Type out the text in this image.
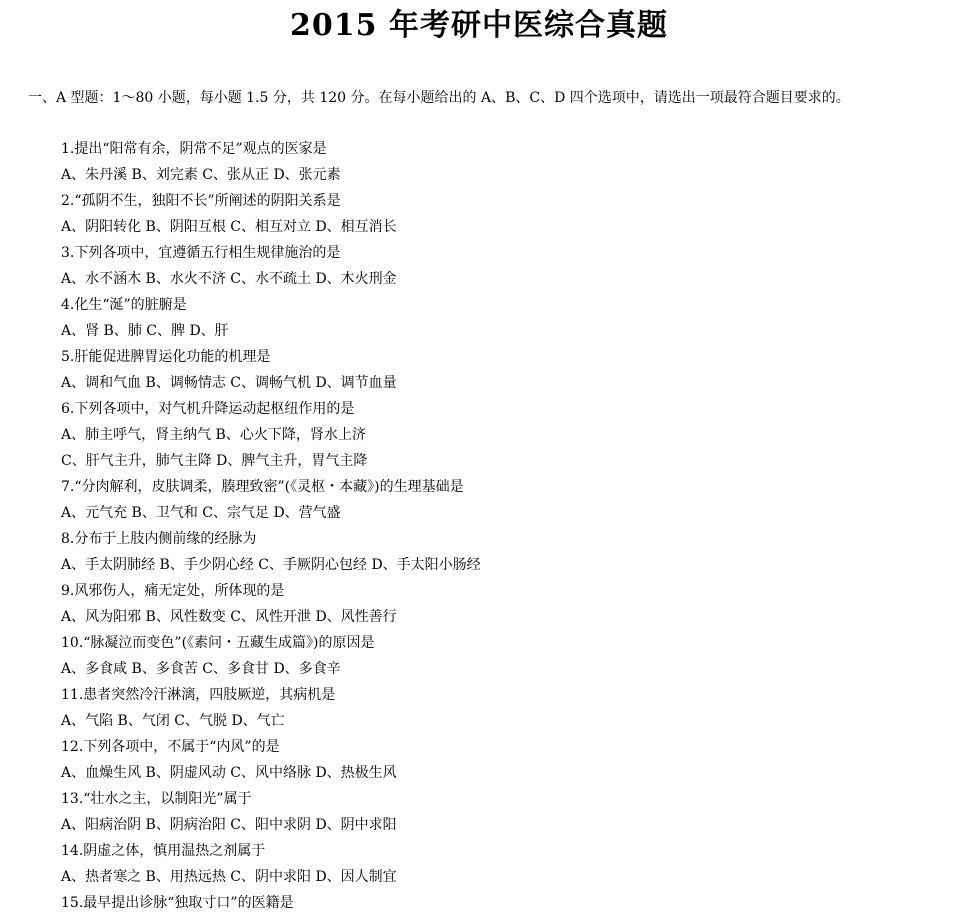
2015 年考研中医综合真题
一、A 型题：1～80 小题，每小题 1.5 分，共 120 分。在每小题给出的 A、B、C、D 四个选项中，请选出一项最符合题目要求的。
1.提出“阳常有余，阴常不足”观点的医家是
A、朱丹溪 B、刘完素 C、张从正 D、张元素
2.“孤阴不生，独阳不长”所阐述的阴阳关系是
A、阴阳转化 B、阴阳互根 C、相互对立 D、相互消长
3.下列各项中，宜遵循五行相生规律施治的是
A、水不涵木 B、水火不济 C、水不疏土 D、木火刑金
4.化生“涎”的脏腑是
A、肾 B、肺 C、脾 D、肝
5.肝能促进脾胃运化功能的机理是
A、调和气血 B、调畅情志 C、调畅气机 D、调节血量
6.下列各项中，对气机升降运动起枢纽作用的是
A、肺主呼气，肾主纳气 B、心火下降，肾水上济
C、肝气主升，肺气主降 D、脾气主升，胃气主降
7.“分肉解利，皮肤调柔，腠理致密”(《灵枢・本藏》)的生理基础是
A、元气充 B、卫气和 C、宗气足 D、营气盛
8.分布于上肢内侧前缘的经脉为
A、手太阴肺经 B、手少阴心经 C、手厥阴心包经 D、手太阳小肠经
9.风邪伤人，痛无定处，所体现的是
A、风为阳邪 B、风性数变 C、风性开泄 D、风性善行
10.“脉凝泣而变色”(《素问・五藏生成篇》)的原因是
A、多食咸 B、多食苦 C、多食甘 D、多食辛
11.患者突然冷汗淋漓，四肢厥逆，其病机是
A、气陷 B、气闭 C、气脱 D、气亡
12.下列各项中，不属于“内风”的是
A、血燥生风 B、阴虚风动 C、风中络脉 D、热极生风
13.“壮水之主，以制阳光”属于
A、阳病治阴 B、阴病治阳 C、阳中求阴 D、阴中求阳
14.阴虚之体，慎用温热之剂属于
A、热者寒之 B、用热远热 C、阴中求阳 D、因人制宜
15.最早提出诊脉“独取寸口”的医籍是
